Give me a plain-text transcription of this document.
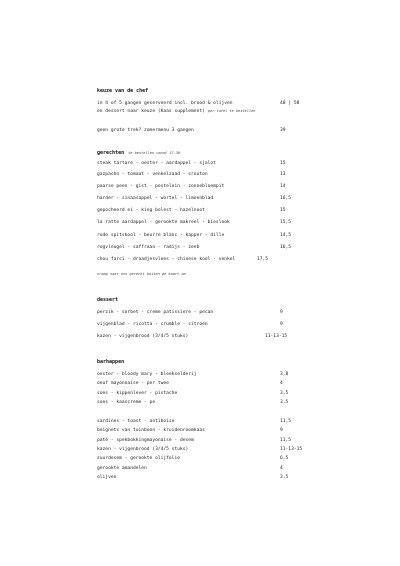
keuze van de chef
in 4 of 5 gangen geserveerd incl. brood & olijven	48 | 58
en dessert naar keuze (Kaas supplement) per tafel te bestellen
geen grote trek? zomermenu 3 gangen	39
gerechten te bestellen vanaf 17.30
steak tartare - oester - aardappel - sjalot	15
gazpacho - tomaat - venkelzaad - crouton	13
paarse peen - gist - postelein - zonnebloempit	14
harder - sinaasappel - wortel - limoenblad	16,5
gepocheerd ei - king bolest - hazelnoot	15
la ratte aardappel - gerookte makreel - bieslook	15,5
rode spitskool - beurre blanc - kapper - dille	14,5
rogvleugel - saffraan - radijs - zeeb	16,5
chou farci - draadjesvlees - chinese kool - venkel	17,5
vraag naar ons gerecht buiten de kaart om
dessert
perzik - sorbet - creme patissiere - pecan	9
vijgenblad - ricotta - crumble - citroen	9
kazen - vijgenbrood (3/4/5 stuks)	11-13-15
barhappen
oester - bloody mary - bleekselderij	3,8
oeuf mayonnaise - per twee	4
soes - kippenlever - pistache	3,5
soes - kaascreme - pe	3,5
sardines - toast - antiboise	11,5
beignets van tuinboon - kruidenroomkaas	9
paté - spekbokkingmayonaise - desem	11,5
kazen - vijgenbrood (3/4/5 stuks)	11-13-15
zuurdesem - gerookte olijfolie	6,5
gerookte amandelen	4
olijven	3,5
